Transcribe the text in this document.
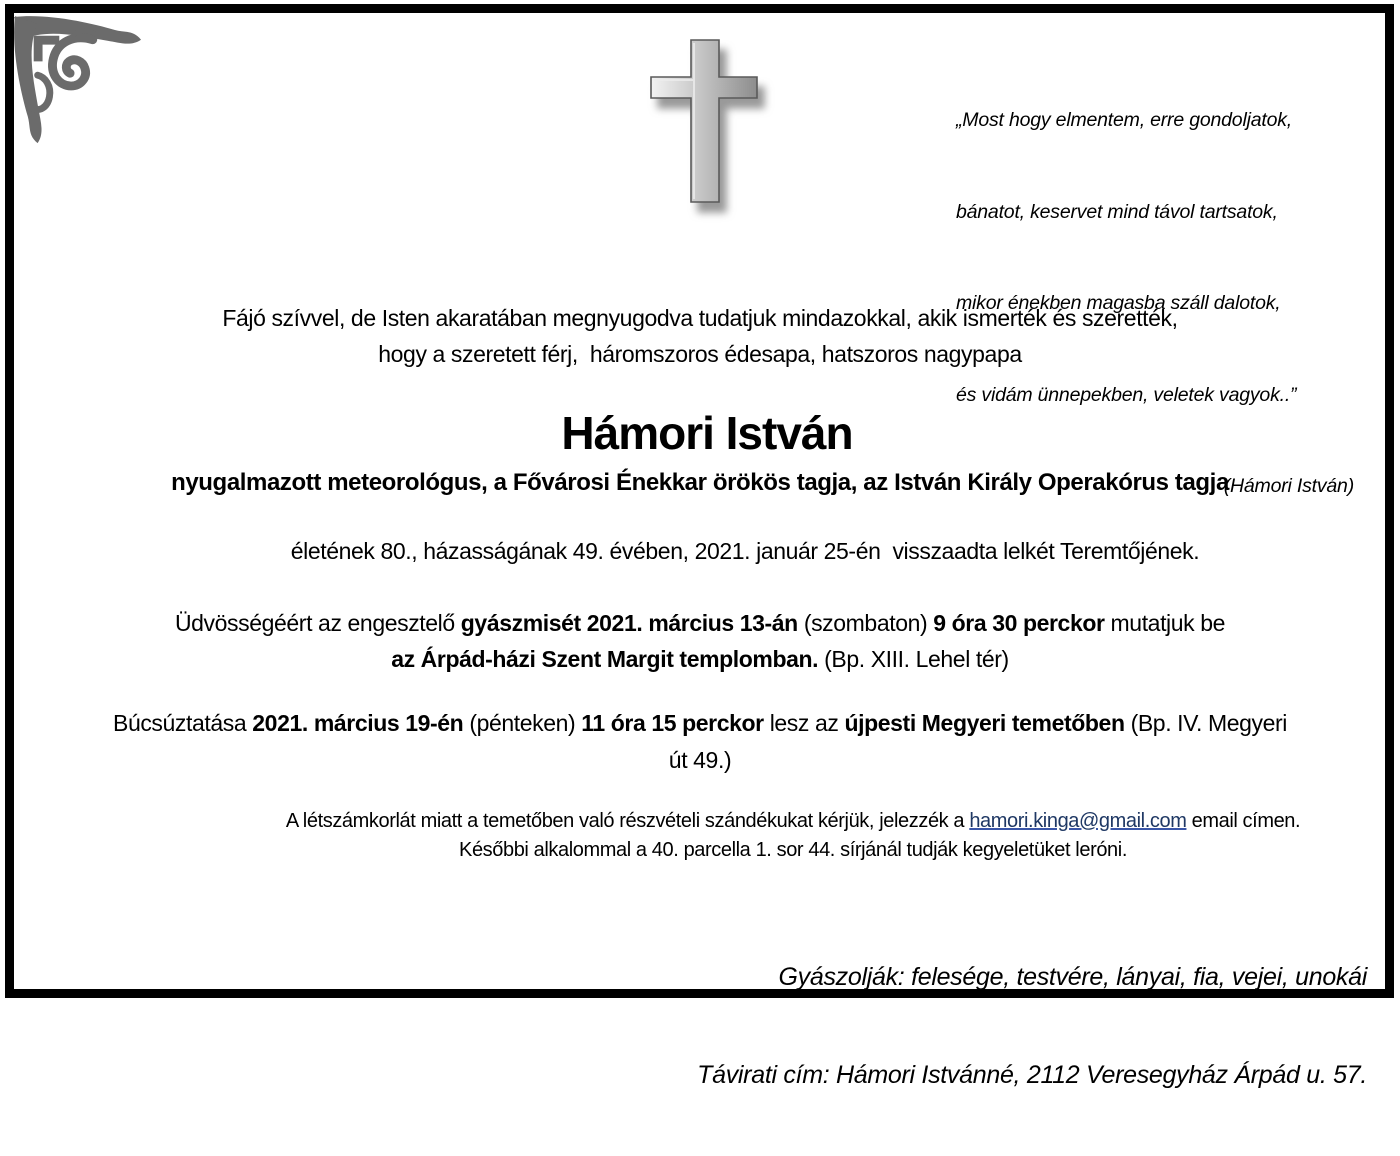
„Most hogy elmentem, erre gondoljatok,

bánatot, keservet mind távol tartsatok,

mikor énekben magasba száll dalotok,

és vidám ünnepekben, veletek vagyok..”

(Hámori István)

Fájó szívvel, de Isten akaratában megnyugodva tudatjuk mindazokkal, akik ismerték és szerették,
hogy a szeretett férj,  háromszoros édesapa, hatszoros nagypapa
Hámori István
nyugalmazott meteorológus, a Fővárosi Énekkar örökös tagja, az István Király Operakórus tagja
életének 80., házasságának 49. évében, 2021. január 25-én  visszaadta lelkét Teremtőjének.
Üdvösségéért az engesztelő gyászmisét 2021. március 13-án (szombaton) 9 óra 30 perckor mutatjuk be
az Árpád-házi Szent Margit templomban. (Bp. XIII. Lehel tér)
Búcsúztatása 2021. március 19-én (pénteken) 11 óra 15 perckor lesz az újpesti Megyeri temetőben (Bp. IV. Megyeri
út 49.)
A létszámkorlát miatt a temetőben való részvételi szándékukat kérjük, jelezzék a hamori.kinga@gmail.com email címen.
Későbbi alkalommal a 40. parcella 1. sor 44. sírjánál tudják kegyeletüket leróni.

Gyászolják: felesége, testvére, lányai, fia, vejei, unokái

Távirati cím: Hámori Istvánné, 2112 Veresegyház Árpád u. 57.
